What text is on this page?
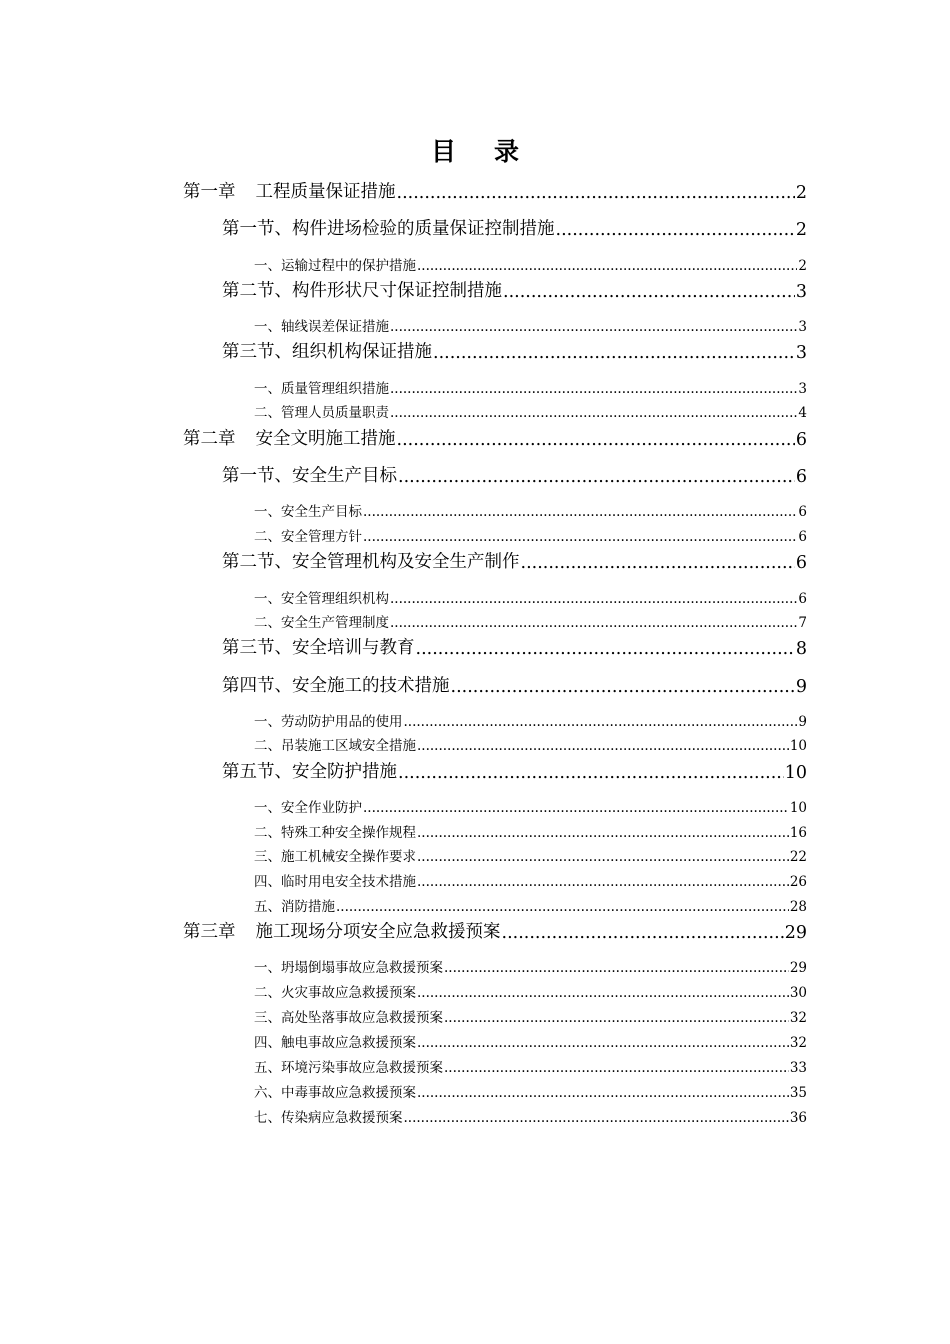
目 录
第一章 工程质量保证措施 .....	2
第一节、构件进场检验的质量保证控制措施 .....	2
一、运输过程中的保护措施 .....	2
第二节、构件形状尺寸保证控制措施 .....	3
一、轴线误差保证措施 .....	3
第三节、组织机构保证措施 .....	3
一、质量管理组织措施 .....	3
二、管理人员质量职责 .....	4
第二章 安全文明施工措施 .....	6
第一节、安全生产目标 .....	6
一、安全生产目标 .....	6
二、安全管理方针 .....	6
第二节、安全管理机构及安全生产制作 .....	6
一、安全管理组织机构 .....	6
二、安全生产管理制度 .....	7
第三节、安全培训与教育 .....	8
第四节、安全施工的技术措施 .....	9
一、劳动防护用品的使用 .....	9
二、吊装施工区域安全措施 .....	10
第五节、安全防护措施 .....	10
一、安全作业防护 .....	10
二、特殊工种安全操作规程 .....	16
三、施工机械安全操作要求 .....	22
四、临时用电安全技术措施 .....	26
五、消防措施 .....	28
第三章 施工现场分项安全应急救援预案 .....	29
一、坍塌倒塌事故应急救援预案 .....	29
二、火灾事故应急救援预案 .....	30
三、高处坠落事故应急救援预案 .....	32
四、触电事故应急救援预案 .....	32
五、环境污染事故应急救援预案 .....	33
六、中毒事故应急救援预案 .....	35
七、传染病应急救援预案 .....	36
